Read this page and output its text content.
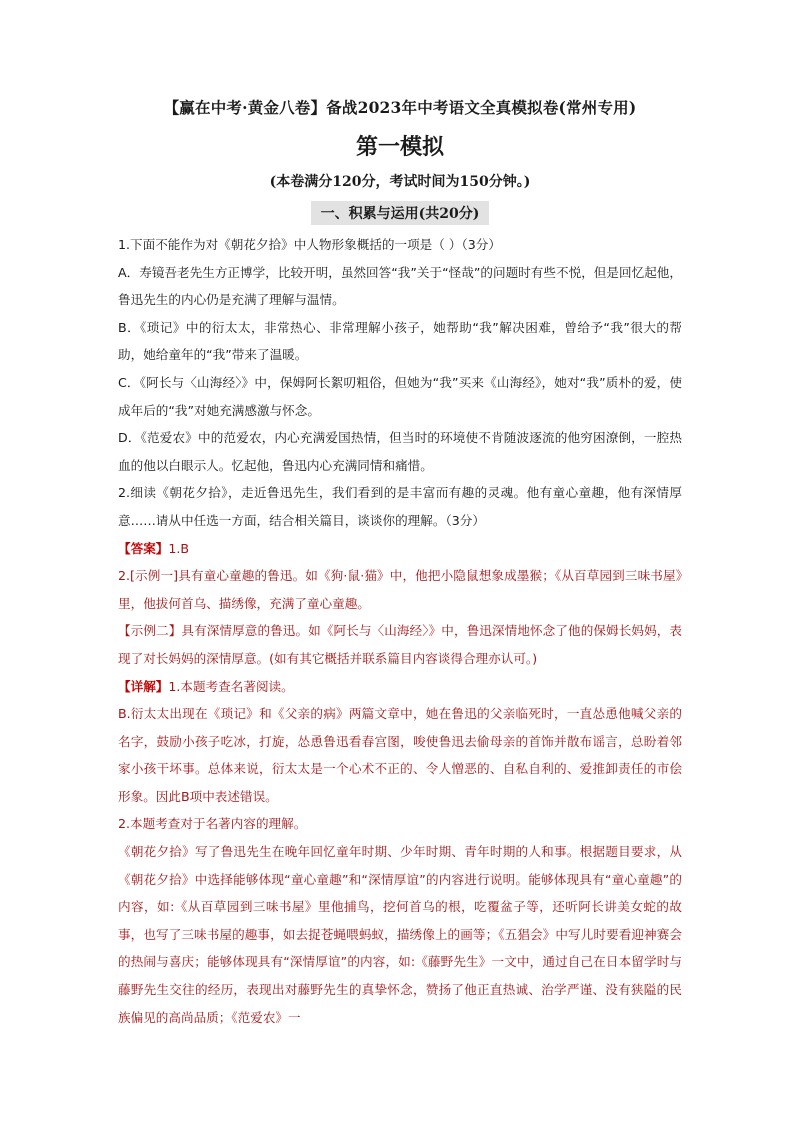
【赢在中考·黄金八卷】备战2023年中考语文全真模拟卷(常州专用)
第一模拟
(本卷满分120分，考试时间为150分钟。)
一、积累与运用(共20分)

1.下面不能作为对《朝花夕拾》中人物形象概括的一项是（ ）（3分）

A．寿镜吾老先生方正博学，比较开明，虽然回答“我”关于“怪哉”的问题时有些不悦，但是回忆起他，鲁迅先生的内心仍是充满了理解与温情。

B．《琐记》中的衍太太，非常热心、非常理解小孩子，她帮助“我”解决困难，曾给予“我”很大的帮助，她给童年的“我”带来了温暖。

C．《阿长与〈山海经〉》中，保姆阿长絮叨粗俗，但她为“我”买来《山海经》，她对“我”质朴的爱，使成年后的“我”对她充满感激与怀念。

D．《范爱农》中的范爱农，内心充满爱国热情，但当时的环境使不肯随波逐流的他穷困潦倒，一腔热血的他以白眼示人。忆起他，鲁迅内心充满同情和痛惜。

2.细读《朝花夕拾》，走近鲁迅先生，我们看到的是丰富而有趣的灵魂。他有童心童趣，他有深情厚意……请从中任选一方面，结合相关篇目，谈谈你的理解。（3分）

【答案】1.B

2.[示例一]具有童心童趣的鲁迅。如《狗·鼠·猫》中，他把小隐鼠想象成墨猴；《从百草园到三味书屋》里，他拔何首乌、描绣像，充满了童心童趣。

【示例二】具有深情厚意的鲁迅。如《阿长与〈山海经〉》中，鲁迅深情地怀念了他的保姆长妈妈，表现了对长妈妈的深情厚意。(如有其它概括并联系篇目内容谈得合理亦认可。)

【详解】1.本题考查名著阅读。

B.衍太太出现在《琐记》和《父亲的病》两篇文章中，她在鲁迅的父亲临死时，一直怂恿他喊父亲的名字，鼓励小孩子吃冰，打旋，怂恿鲁迅看春宫图，唆使鲁迅去偷母亲的首饰并散布谣言，总盼着邻家小孩干坏事。总体来说，衍太太是一个心术不正的、令人憎恶的、自私自利的、爱推卸责任的市侩形象。因此B项中表述错误。

2.本题考查对于名著内容的理解。

《朝花夕拾》写了鲁迅先生在晚年回忆童年时期、少年时期、青年时期的人和事。根据题目要求，从《朝花夕拾》中选择能够体现“童心童趣”和“深情厚谊”的内容进行说明。能够体现具有“童心童趣”的内容，如:《从百草园到三味书屋》里他捕鸟，挖何首乌的根，吃覆盆子等，还听阿长讲美女蛇的故事，也写了三味书屋的趣事，如去捉苍蝇喂蚂蚁，描绣像上的画等；《五猖会》中写儿时要看迎神赛会的热闹与喜庆；能够体现具有“深情厚谊”的内容，如:《藤野先生》一文中，通过自己在日本留学时与藤野先生交往的经历，表现出对藤野先生的真挚怀念，赞扬了他正直热诚、治学严谨、没有狭隘的民族偏见的高尚品质；《范爱农》一
